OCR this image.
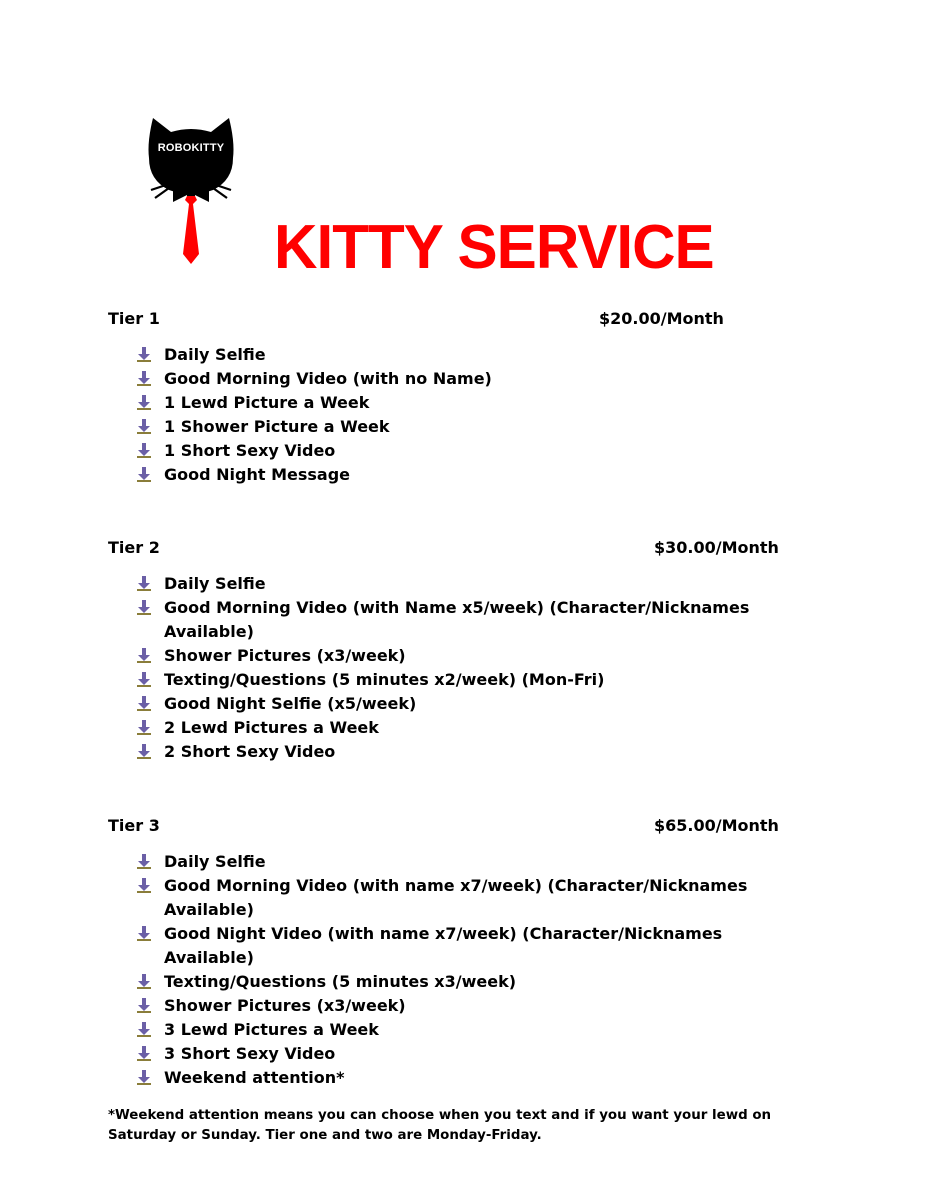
ROBOKITTY
KITTY SERVICE
Tier 1	$20.00/Month
Daily Selfie
Good Morning Video (with no Name)
1 Lewd Picture a Week
1 Shower Picture a Week
1 Short Sexy Video
Good Night Message
Tier 2	$30.00/Month
Daily Selfie
Good Morning Video (with Name x5/week) (Character/Nicknames Available)
Shower Pictures (x3/week)
Texting/Questions (5 minutes x2/week) (Mon-Fri)
Good Night Selfie (x5/week)
2 Lewd Pictures a Week
2 Short Sexy Video
Tier 3	$65.00/Month
Daily Selfie
Good Morning Video (with name x7/week) (Character/Nicknames Available)
Good Night Video (with name x7/week) (Character/Nicknames Available)
Texting/Questions (5 minutes x3/week)
Shower Pictures (x3/week)
3 Lewd Pictures a Week
3 Short Sexy Video
Weekend attention*

*Weekend attention means you can choose when you text and if you want your lewd on Saturday or Sunday. Tier one and two are Monday-Friday.
